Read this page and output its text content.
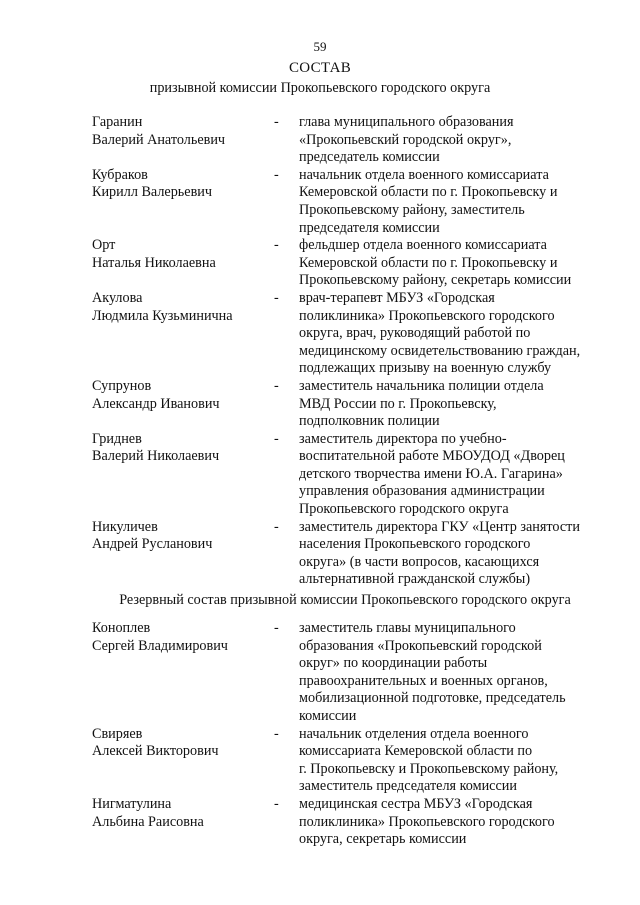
59
СОСТАВ
призывной комиссии Прокопьевского городского округа
Гаранин
Валерий Анатольевич
- глава муниципального образования
«Прокопьевский городской округ»,
председатель комиссии
Кубраков
Кирилл Валерьевич
- начальник отдела военного комиссариата
Кемеровской области по г. Прокопьевску и
Прокопьевскому району, заместитель
председателя комиссии
Орт
Наталья Николаевна
- фельдшер отдела военного комиссариата
Кемеровской области по г. Прокопьевску и
Прокопьевскому району, секретарь комиссии
Акулова
Людмила Кузьминична
- врач-терапевт МБУЗ «Городская
поликлиника» Прокопьевского городского
округа, врач, руководящий работой по
медицинскому освидетельствованию граждан,
подлежащих призыву на военную службу
Супрунов
Александр Иванович
- заместитель начальника полиции отдела
МВД России по г. Прокопьевску,
подполковник полиции
Гриднев
Валерий Николаевич
- заместитель директора по учебно-
воспитательной работе МБОУДОД «Дворец
детского творчества имени Ю.А. Гагарина»
управления образования администрации
Прокопьевского городского округа
Никуличев
Андрей Русланович
- заместитель директора ГКУ «Центр занятости
населения Прокопьевского городского
округа» (в части вопросов, касающихся
альтернативной гражданской службы)
Резервный состав призывной комиссии Прокопьевского городского округа
Коноплев
Сергей Владимирович
- заместитель главы муниципального
образования «Прокопьевский городской
округ» по координации работы
правоохранительных и военных органов,
мобилизационной подготовке, председатель
комиссии
Свиряев
Алексей Викторович
- начальник отделения отдела военного
комиссариата Кемеровской области по
г. Прокопьевску и Прокопьевскому району,
заместитель председателя комиссии
Нигматулина
Альбина Раисовна
- медицинская сестра МБУЗ «Городская
поликлиника» Прокопьевского городского
округа, секретарь комиссии
